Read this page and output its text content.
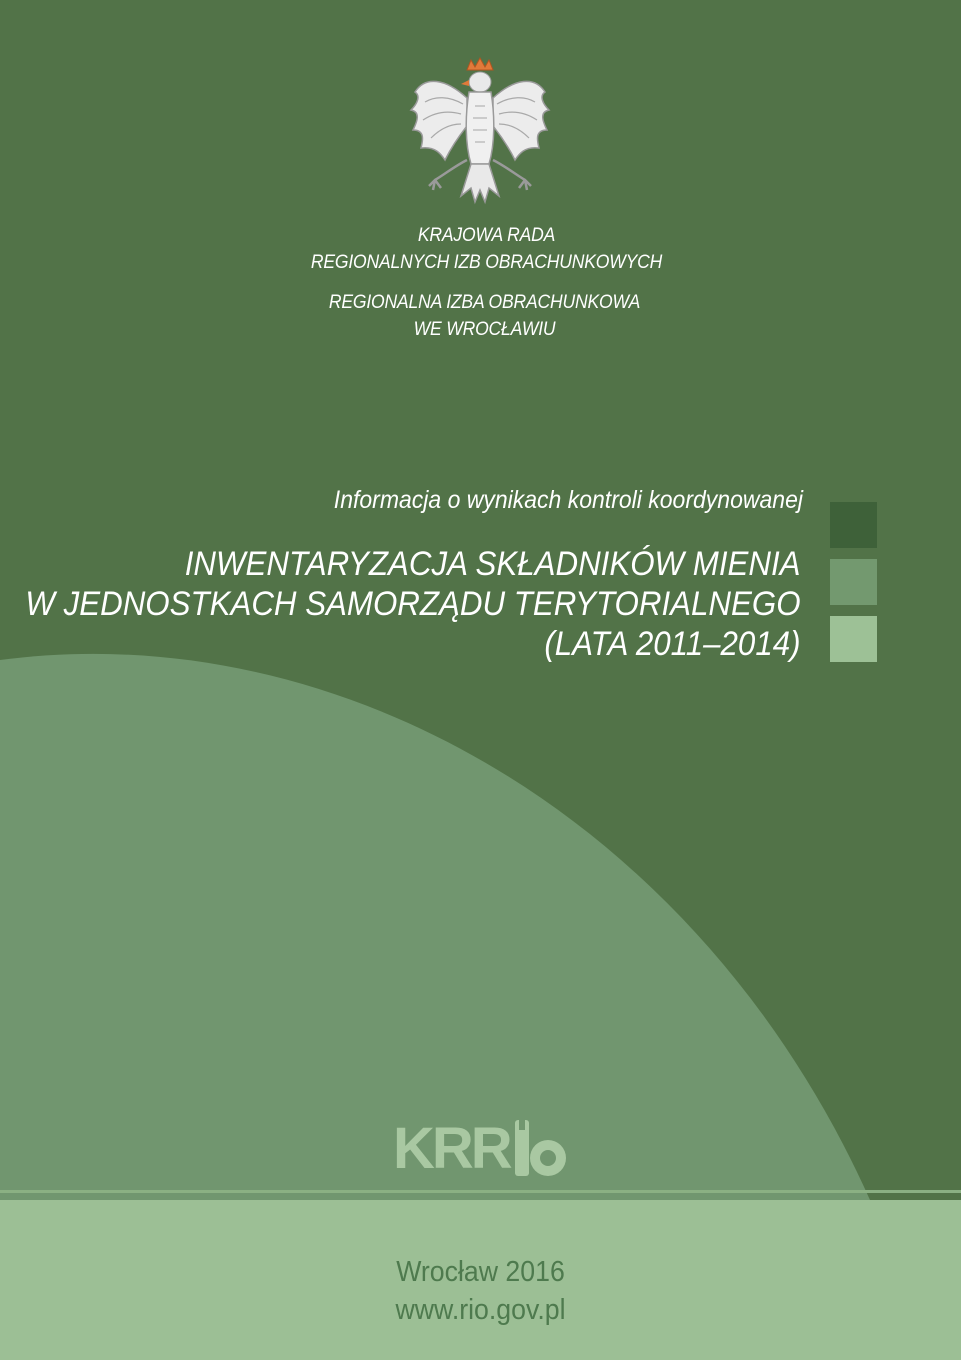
KRAJOWA RADA
REGIONALNYCH IZB OBRACHUNKOWYCH
REGIONALNA IZBA OBRACHUNKOWA
WE WROCŁAWIU
Informacja o wynikach kontroli koordynowanej
INWENTARYZACJA SKŁADNIKÓW MIENIA
W JEDNOSTKACH SAMORZĄDU TERYTORIALNEGO
(LATA 2011–2014)
KRR
Wrocław 2016
www.rio.gov.pl
